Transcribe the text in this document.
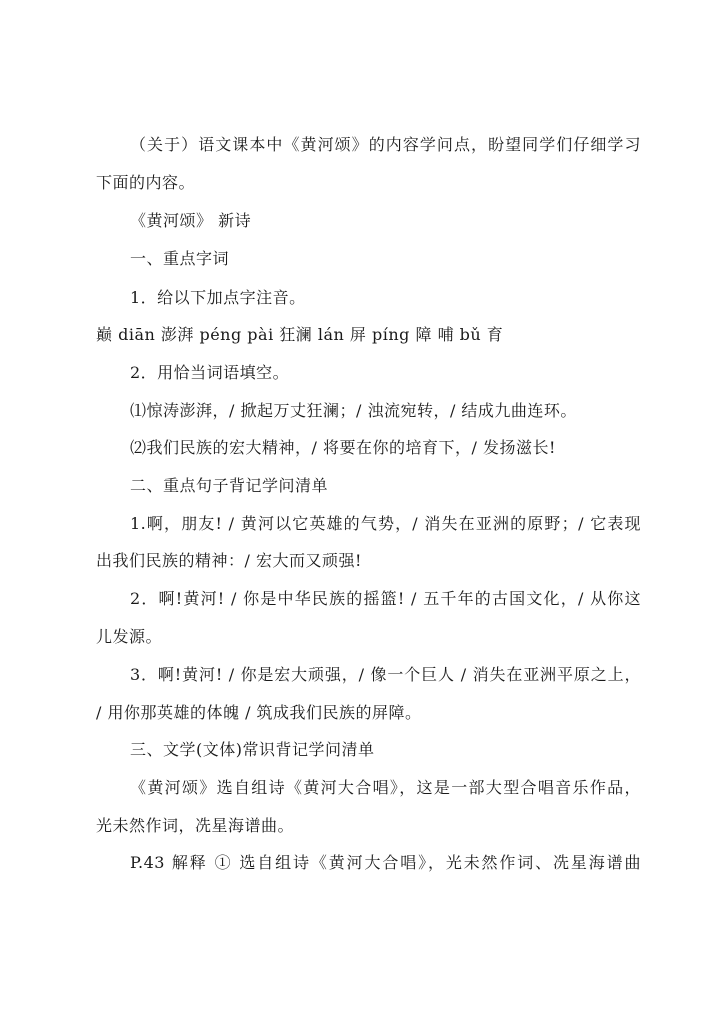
（关于）语文课本中《黄河颂》的内容学问点，盼望同学们仔细学习
下面的内容。
《黄河颂》 新诗
一、重点字词
1．给以下加点字注音。
巅 diān 澎湃 péng pài 狂澜 lán 屏 píng 障 哺 bǔ 育
2．用恰当词语填空。
⑴惊涛澎湃，/ 掀起万丈狂澜；/ 浊流宛转，/ 结成九曲连环。
⑵我们民族的宏大精神，/ 将要在你的培育下，/ 发扬滋长!
二、重点句子背记学问清单
1.啊，朋友! / 黄河以它英雄的气势，/ 消失在亚洲的原野；/ 它表现
出我们民族的精神：/ 宏大而又顽强!
2．啊!黄河! / 你是中华民族的摇篮! / 五千年的古国文化，/ 从你这
儿发源。
3．啊!黄河! / 你是宏大顽强，/ 像一个巨人 / 消失在亚洲平原之上，
/ 用你那英雄的体魄 / 筑成我们民族的屏障。
三、文学(文体)常识背记学问清单
《黄河颂》选自组诗《黄河大合唱》，这是一部大型合唱音乐作品，
光未然作词，冼星海谱曲。
P.43 解释 ① 选自组诗《黄河大合唱》，光未然作词、冼星海谱曲
